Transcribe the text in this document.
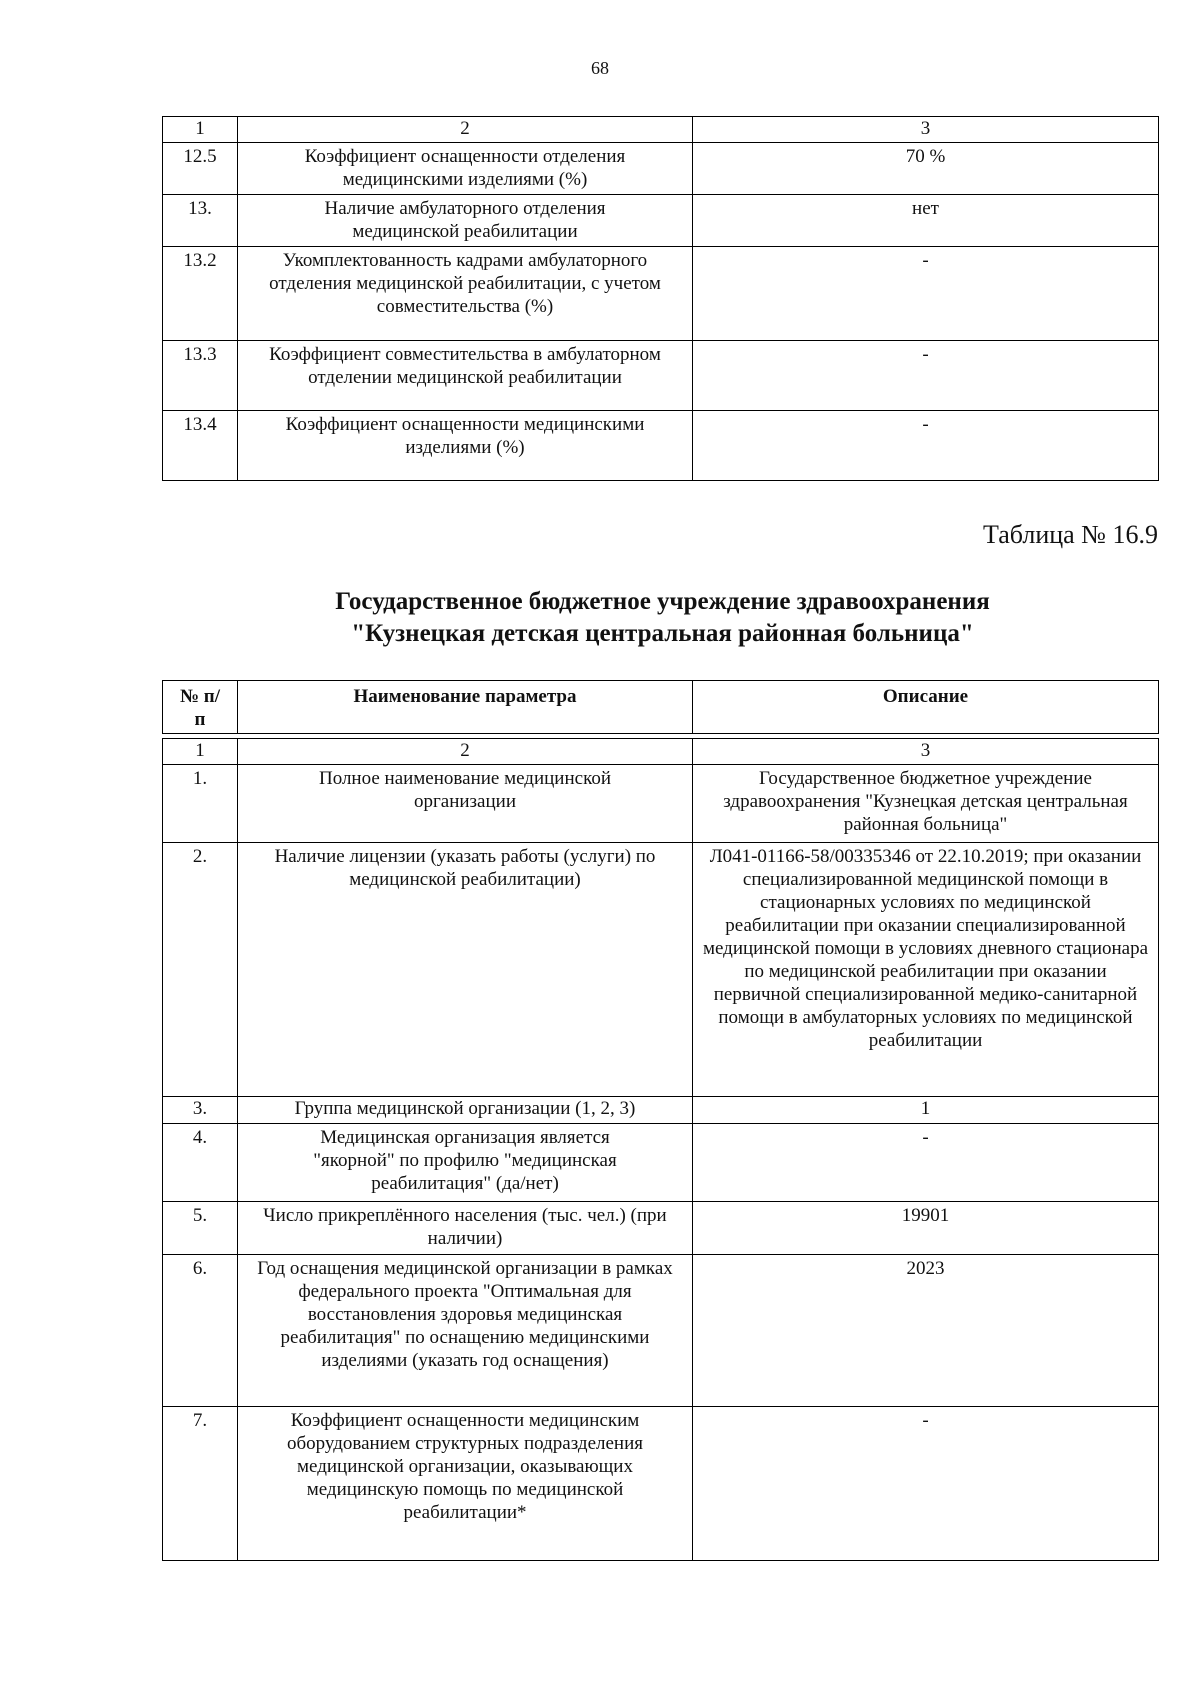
68
1	2	3
12.5	Коэффициент оснащенности отделения медицинскими изделиями (%)	70 %
13.	Наличие амбулаторного отделения медицинской реабилитации	нет
13.2	Укомплектованность кадрами амбулаторного отделения медицинской реабилитации, с учетом совместительства (%)	-
13.3	Коэффициент совместительства в амбулаторном отделении медицинской реабилитации	-
13.4	Коэффициент оснащенности медицинскими изделиями (%)	-
Таблица № 16.9
Государственное бюджетное учреждение здравоохранения
"Кузнецкая детская центральная районная больница"
№ п/п	Наименование параметра	Описание
1	2	3
1.	Полное наименование медицинской организации	Государственное бюджетное учреждение здравоохранения "Кузнецкая детская центральная районная больница"
2.	Наличие лицензии (указать работы (услуги) по медицинской реабилитации)	Л041-01166-58/00335346 от 22.10.2019; при оказании специализированной медицинской помощи в стационарных условиях по медицинской реабилитации при оказании специализированной медицинской помощи в условиях дневного стационара по медицинской реабилитации при оказании первичной специализированной медико-санитарной помощи в амбулаторных условиях по медицинской реабилитации
3.	Группа медицинской организации (1, 2, 3)	1
4.	Медицинская организация является "якорной" по профилю "медицинская реабилитация" (да/нет)	-
5.	Число прикреплённого населения (тыс. чел.) (при наличии)	19901
6.	Год оснащения медицинской организации в рамках федерального проекта "Оптимальная для восстановления здоровья медицинская реабилитация" по оснащению медицинскими изделиями (указать год оснащения)	2023
7.	Коэффициент оснащенности медицинским оборудованием структурных подразделения медицинской организации, оказывающих медицинскую помощь по медицинской реабилитации*	-
